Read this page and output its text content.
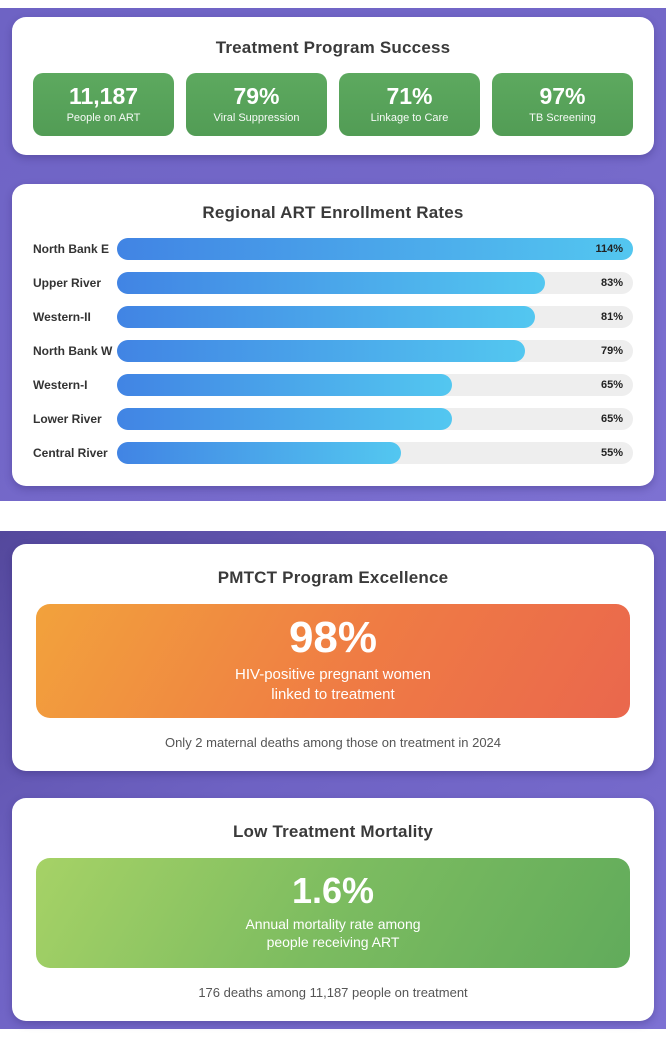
Treatment Program Success
11,187
People on ART
79%
Viral Suppression
71%
Linkage to Care
97%
TB Screening
Regional ART Enrollment Rates
North Bank E	114%
Upper River	83%
Western-II	81%
North Bank W	79%
Western-I	65%
Lower River	65%
Central River	55%
PMTCT Program Excellence
98%
HIV-positive pregnant women
linked to treatment
Only 2 maternal deaths among those on treatment in 2024
Low Treatment Mortality
1.6%
Annual mortality rate among
people receiving ART
176 deaths among 11,187 people on treatment
